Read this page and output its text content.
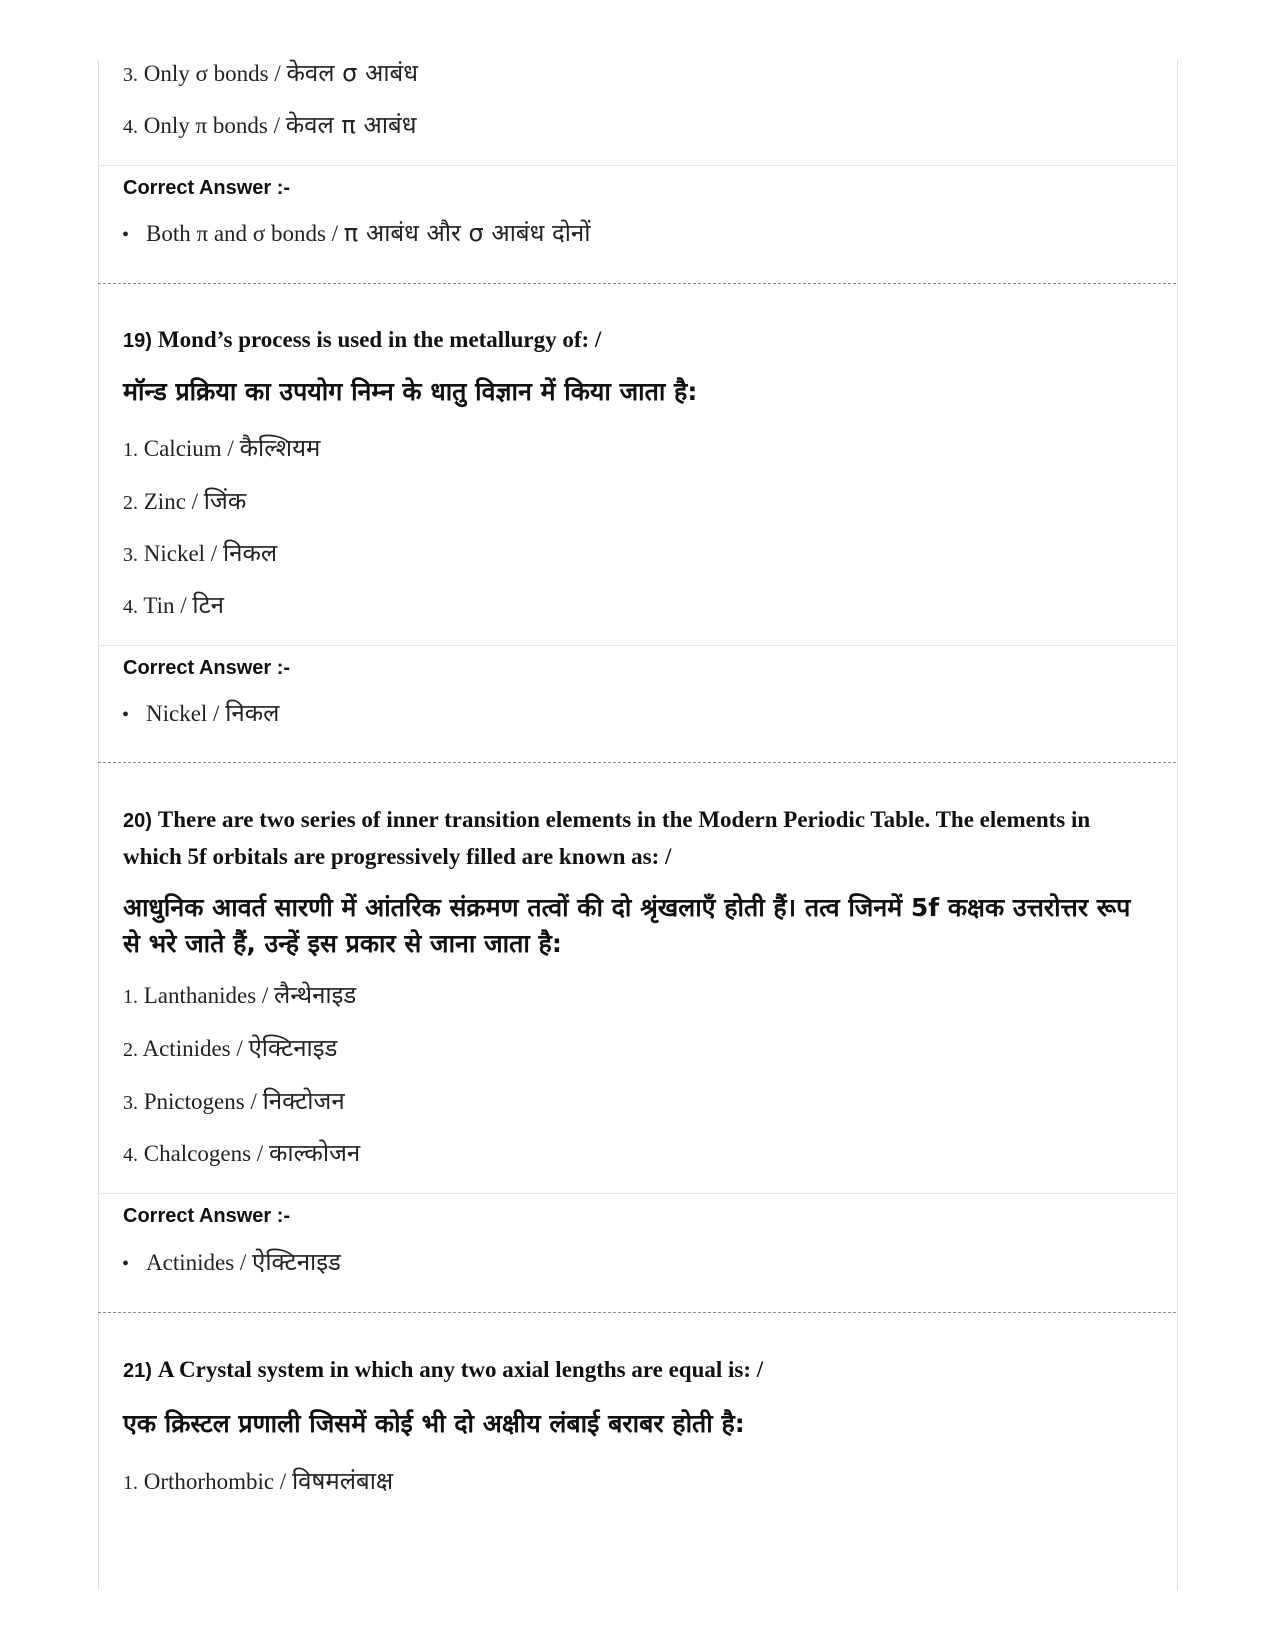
3. Only σ bonds / केवल σ आबंध
4. Only π bonds / केवल π आबंध
Correct Answer :-
• Both π and σ bonds / π आबंध और σ आबंध दोनों
19) Mond’s process is used in the metallurgy of: /
मॉन्ड प्रक्रिया का उपयोग निम्न के धातु विज्ञान में किया जाता है:
1. Calcium / कैल्शियम
2. Zinc / जिंक
3. Nickel / निकल
4. Tin / टिन
Correct Answer :-
• Nickel / निकल
20) There are two series of inner transition elements in the Modern Periodic Table. The elements in which 5f orbitals are progressively filled are known as: /
आधुनिक आवर्त सारणी में आंतरिक संक्रमण तत्वों की दो श्रृंखलाएँ होती हैं। तत्व जिनमें 5f कक्षक उत्तरोत्तर रूप से भरे जाते हैं, उन्हें इस प्रकार से जाना जाता है:
1. Lanthanides / लैन्थेनाइड
2. Actinides / ऐक्टिनाइड
3. Pnictogens / निक्टोजन
4. Chalcogens / काल्कोजन
Correct Answer :-
• Actinides / ऐक्टिनाइड
21) A Crystal system in which any two axial lengths are equal is: /
एक क्रिस्टल प्रणाली जिसमें कोई भी दो अक्षीय लंबाई बराबर होती है:
1. Orthorhombic / विषमलंबाक्ष
